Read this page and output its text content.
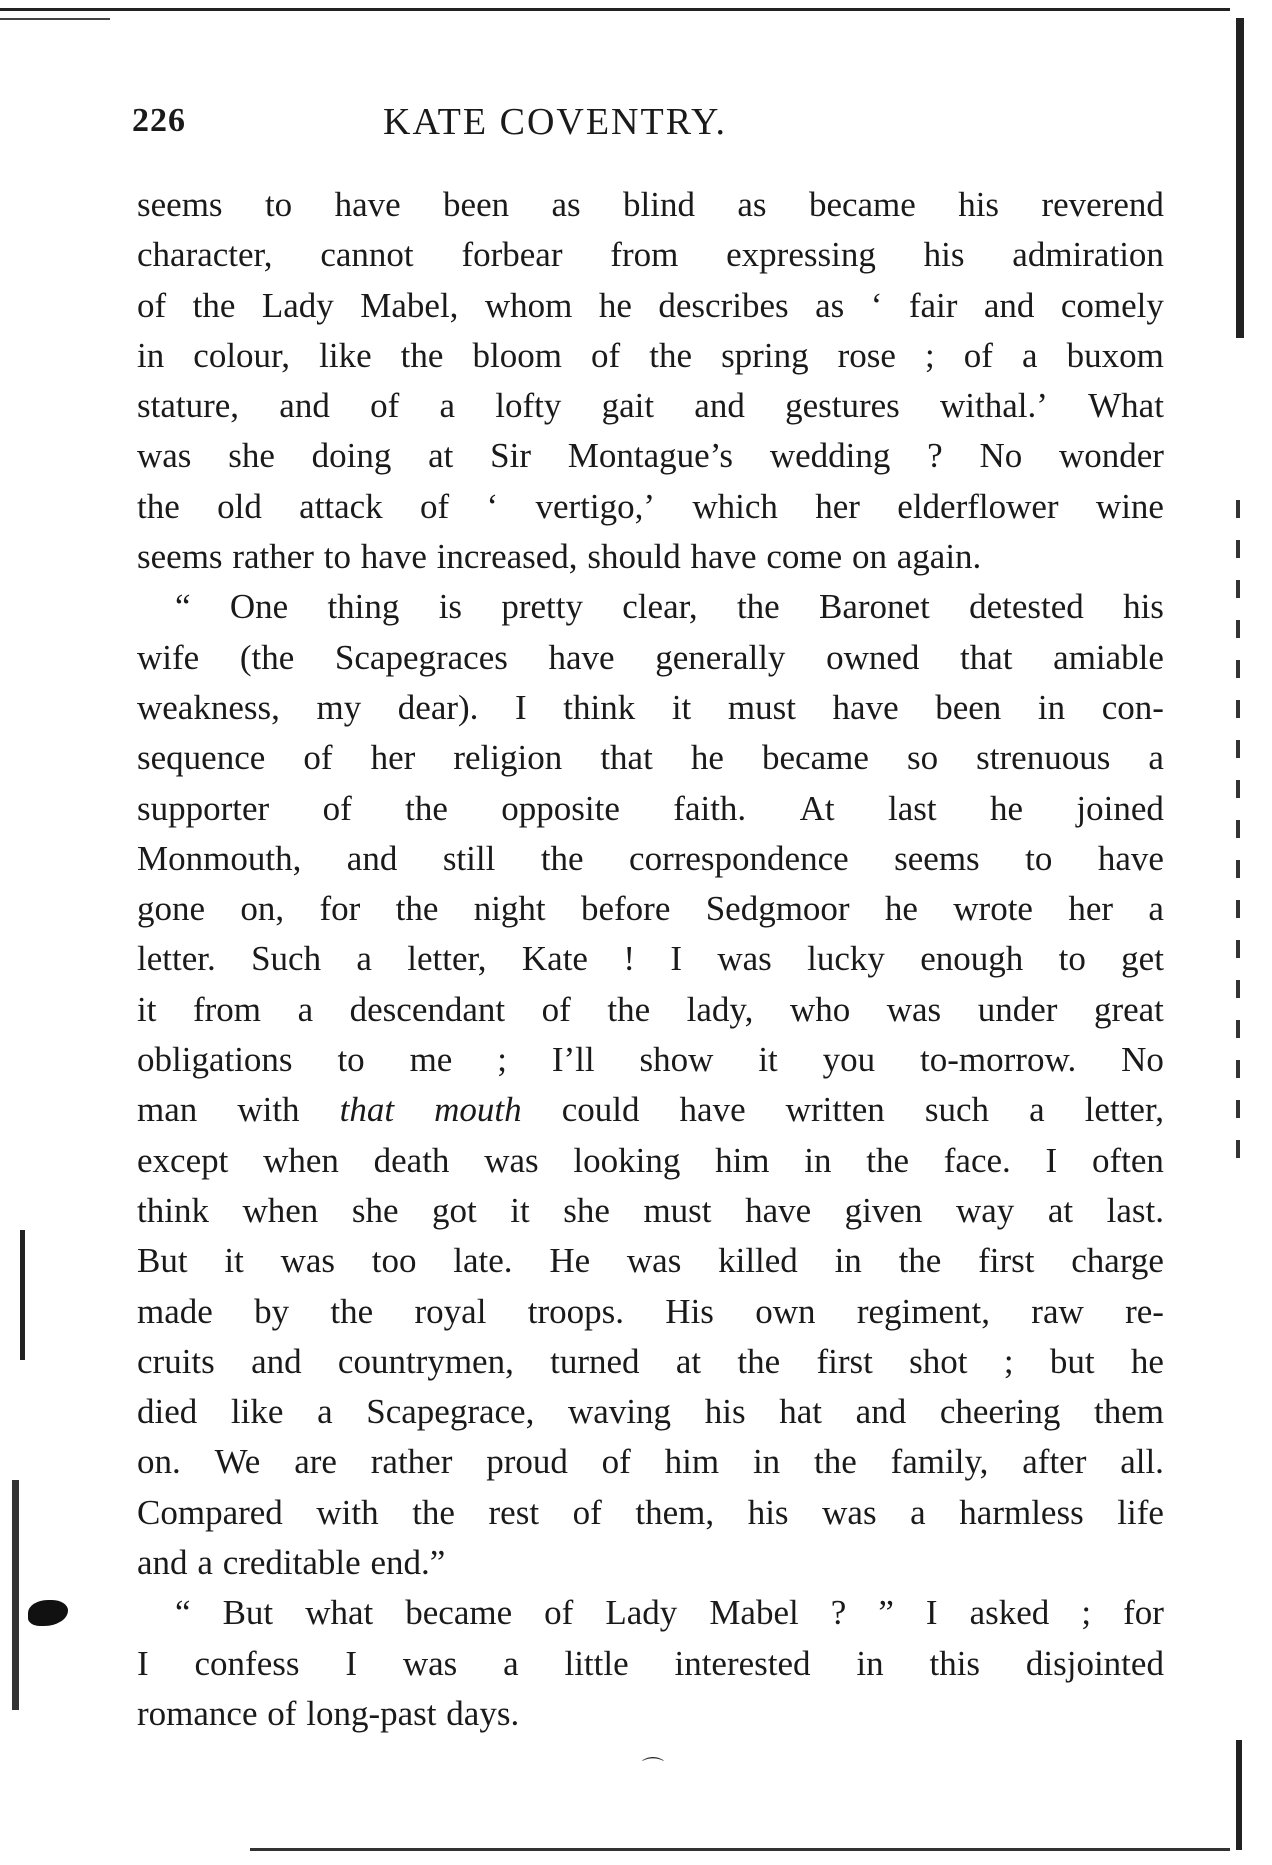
226	KATE COVENTRY.
seems to have been as blind as became his reverend
character, cannot forbear from expressing his admiration
of the Lady Mabel, whom he describes as ‘ fair and comely
in colour, like the bloom of the spring rose ; of a buxom
stature, and of a lofty gait and gestures withal.’ What
was she doing at Sir Montague’s wedding ? No wonder
the old attack of ‘ vertigo,’ which her elderflower wine
seems rather to have increased, should have come on again.
“ One thing is pretty clear, the Baronet detested his
wife (the Scapegraces have generally owned that amiable
weakness, my dear). I think it must have been in con-
sequence of her religion that he became so strenuous a
supporter of the opposite faith. At last he joined
Monmouth, and still the correspondence seems to have
gone on, for the night before Sedgmoor he wrote her a
letter. Such a letter, Kate ! I was lucky enough to get
it from a descendant of the lady, who was under great
obligations to me ; I’ll show it you to-morrow. No
man with that mouth could have written such a letter,
except when death was looking him in the face. I often
think when she got it she must have given way at last.
But it was too late. He was killed in the first charge
made by the royal troops. His own regiment, raw re-
cruits and countrymen, turned at the first shot ; but he
died like a Scapegrace, waving his hat and cheering them
on. We are rather proud of him in the family, after all.
Compared with the rest of them, his was a harmless life
and a creditable end.”
“ But what became of Lady Mabel ? ” I asked ; for
I confess I was a little interested in this disjointed
romance of long-past days.
⌒
